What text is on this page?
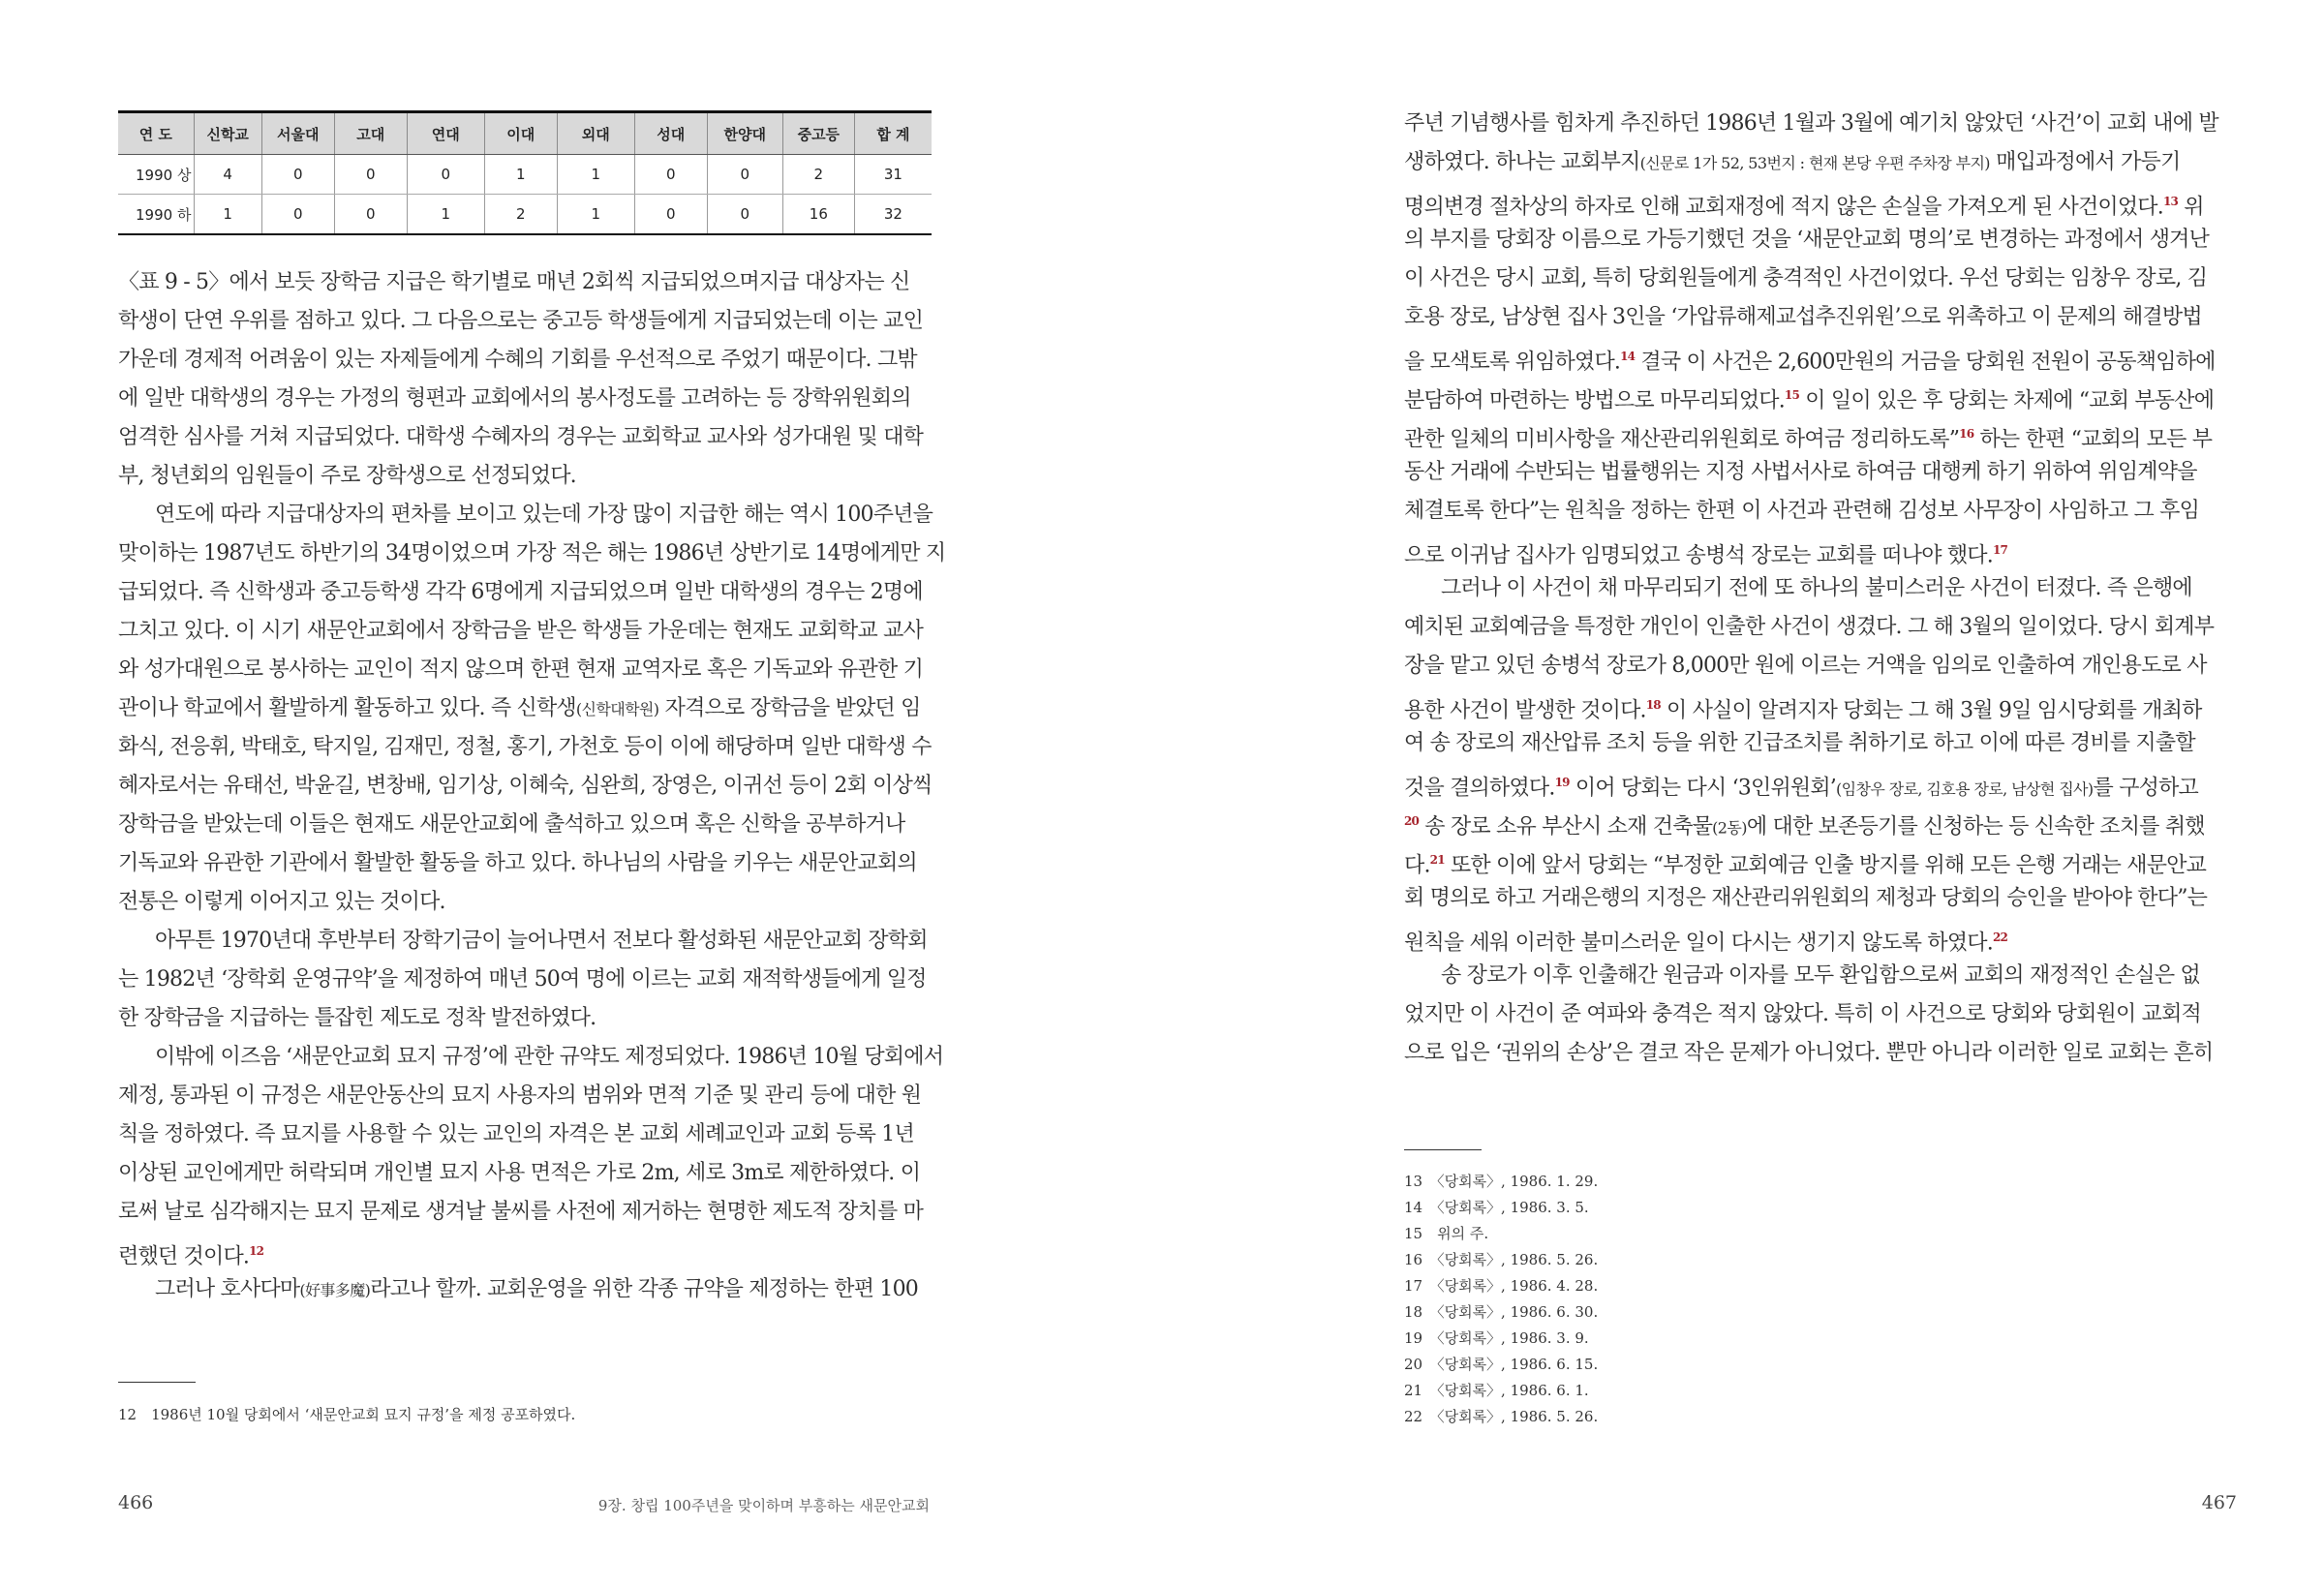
연 도	신학교	서울대	고대	연대	이대	외대	성대	한양대	중고등	합 계
1990 상	4	0	0	0	1	1	0	0	2	31
1990 하	1	0	0	1	2	1	0	0	16	32
〈표 9 - 5〉에서 보듯 장학금 지급은 학기별로 매년 2회씩 지급되었으며지급 대상자는 신
학생이 단연 우위를 점하고 있다. 그 다음으로는 중고등 학생들에게 지급되었는데 이는 교인
가운데 경제적 어려움이 있는 자제들에게 수혜의 기회를 우선적으로 주었기 때문이다. 그밖
에 일반 대학생의 경우는 가정의 형편과 교회에서의 봉사정도를 고려하는 등 장학위원회의
엄격한 심사를 거쳐 지급되었다. 대학생 수혜자의 경우는 교회학교 교사와 성가대원 및 대학
부, 청년회의 임원들이 주로 장학생으로 선정되었다.
연도에 따라 지급대상자의 편차를 보이고 있는데 가장 많이 지급한 해는 역시 100주년을
맞이하는 1987년도 하반기의 34명이었으며 가장 적은 해는 1986년 상반기로 14명에게만 지
급되었다. 즉 신학생과 중고등학생 각각 6명에게 지급되었으며 일반 대학생의 경우는 2명에
그치고 있다. 이 시기 새문안교회에서 장학금을 받은 학생들 가운데는 현재도 교회학교 교사
와 성가대원으로 봉사하는 교인이 적지 않으며 한편 현재 교역자로 혹은 기독교와 유관한 기
관이나 학교에서 활발하게 활동하고 있다. 즉 신학생(신학대학원) 자격으로 장학금을 받았던 임
화식, 전응휘, 박태호, 탁지일, 김재민, 정철, 홍기, 가천호 등이 이에 해당하며 일반 대학생 수
혜자로서는 유태선, 박윤길, 변창배, 임기상, 이혜숙, 심완희, 장영은, 이귀선 등이 2회 이상씩
장학금을 받았는데 이들은 현재도 새문안교회에 출석하고 있으며 혹은 신학을 공부하거나
기독교와 유관한 기관에서 활발한 활동을 하고 있다. 하나님의 사람을 키우는 새문안교회의
전통은 이렇게 이어지고 있는 것이다.
아무튼 1970년대 후반부터 장학기금이 늘어나면서 전보다 활성화된 새문안교회 장학회
는 1982년 ‘장학회 운영규약’을 제정하여 매년 50여 명에 이르는 교회 재적학생들에게 일정
한 장학금을 지급하는 틀잡힌 제도로 정착 발전하였다.
이밖에 이즈음 ‘새문안교회 묘지 규정’에 관한 규약도 제정되었다. 1986년 10월 당회에서
제정, 통과된 이 규정은 새문안동산의 묘지 사용자의 범위와 면적 기준 및 관리 등에 대한 원
칙을 정하였다. 즉 묘지를 사용할 수 있는 교인의 자격은 본 교회 세례교인과 교회 등록 1년
이상된 교인에게만 허락되며 개인별 묘지 사용 면적은 가로 2m, 세로 3m로 제한하였다. 이
로써 날로 심각해지는 묘지 문제로 생겨날 불씨를 사전에 제거하는 현명한 제도적 장치를 마
련했던 것이다.$^{12}$
그러나 호사다마(好事多魔)라고나 할까. 교회운영을 위한 각종 규약을 제정하는 한편 100
12　1986년 10월 당회에서 ‘새문안교회 묘지 규정’을 제정 공포하였다.
466	9장. 창립 100주년을 맞이하며 부흥하는 새문안교회
주년 기념행사를 힘차게 추진하던 1986년 1월과 3월에 예기치 않았던 ‘사건’이 교회 내에 발
생하였다. 하나는 교회부지(신문로 1가 52, 53번지 : 현재 본당 우편 주차장 부지) 매입과정에서 가등기
명의변경 절차상의 하자로 인해 교회재정에 적지 않은 손실을 가져오게 된 사건이었다.$^{13}$ 위
의 부지를 당회장 이름으로 가등기했던 것을 ‘새문안교회 명의’로 변경하는 과정에서 생겨난
이 사건은 당시 교회, 특히 당회원들에게 충격적인 사건이었다. 우선 당회는 임창우 장로, 김
호용 장로, 남상현 집사 3인을 ‘가압류해제교섭추진위원’으로 위촉하고 이 문제의 해결방법
을 모색토록 위임하였다.$^{14}$ 결국 이 사건은 2,600만원의 거금을 당회원 전원이 공동책임하에
분담하여 마련하는 방법으로 마무리되었다.$^{15}$ 이 일이 있은 후 당회는 차제에 “교회 부동산에
관한 일체의 미비사항을 재산관리위원회로 하여금 정리하도록”$^{16}$ 하는 한편 “교회의 모든 부
동산 거래에 수반되는 법률행위는 지정 사법서사로 하여금 대행케 하기 위하여 위임계약을
체결토록 한다”는 원칙을 정하는 한편 이 사건과 관련해 김성보 사무장이 사임하고 그 후임
으로 이귀남 집사가 임명되었고 송병석 장로는 교회를 떠나야 했다.$^{17}$
그러나 이 사건이 채 마무리되기 전에 또 하나의 불미스러운 사건이 터졌다. 즉 은행에
예치된 교회예금을 특정한 개인이 인출한 사건이 생겼다. 그 해 3월의 일이었다. 당시 회계부
장을 맡고 있던 송병석 장로가 8,000만 원에 이르는 거액을 임의로 인출하여 개인용도로 사
용한 사건이 발생한 것이다.$^{18}$ 이 사실이 알려지자 당회는 그 해 3월 9일 임시당회를 개최하
여 송 장로의 재산압류 조치 등을 위한 긴급조치를 취하기로 하고 이에 따른 경비를 지출할
것을 결의하였다.$^{19}$ 이어 당회는 다시 ‘3인위원회’(임창우 장로, 김호용 장로, 남상현 집사)를 구성하고
$^{20}$ 송 장로 소유 부산시 소재 건축물(2동)에 대한 보존등기를 신청하는 등 신속한 조치를 취했
다.$^{21}$ 또한 이에 앞서 당회는 “부정한 교회예금 인출 방지를 위해 모든 은행 거래는 새문안교
회 명의로 하고 거래은행의 지정은 재산관리위원회의 제청과 당회의 승인을 받아야 한다”는
원칙을 세워 이러한 불미스러운 일이 다시는 생기지 않도록 하였다.$^{22}$
송 장로가 이후 인출해간 원금과 이자를 모두 환입함으로써 교회의 재정적인 손실은 없
었지만 이 사건이 준 여파와 충격은 적지 않았다. 특히 이 사건으로 당회와 당회원이 교회적
으로 입은 ‘권위의 손상’은 결코 작은 문제가 아니었다. 뿐만 아니라 이러한 일로 교회는 흔히
13　〈당회록〉, 1986. 1. 29.
14　〈당회록〉, 1986. 3. 5.
15　위의 주.
16　〈당회록〉, 1986. 5. 26.
17　〈당회록〉, 1986. 4. 28.
18　〈당회록〉, 1986. 6. 30.
19　〈당회록〉, 1986. 3. 9.
20　〈당회록〉, 1986. 6. 15.
21　〈당회록〉, 1986. 6. 1.
22　〈당회록〉, 1986. 5. 26.
467
